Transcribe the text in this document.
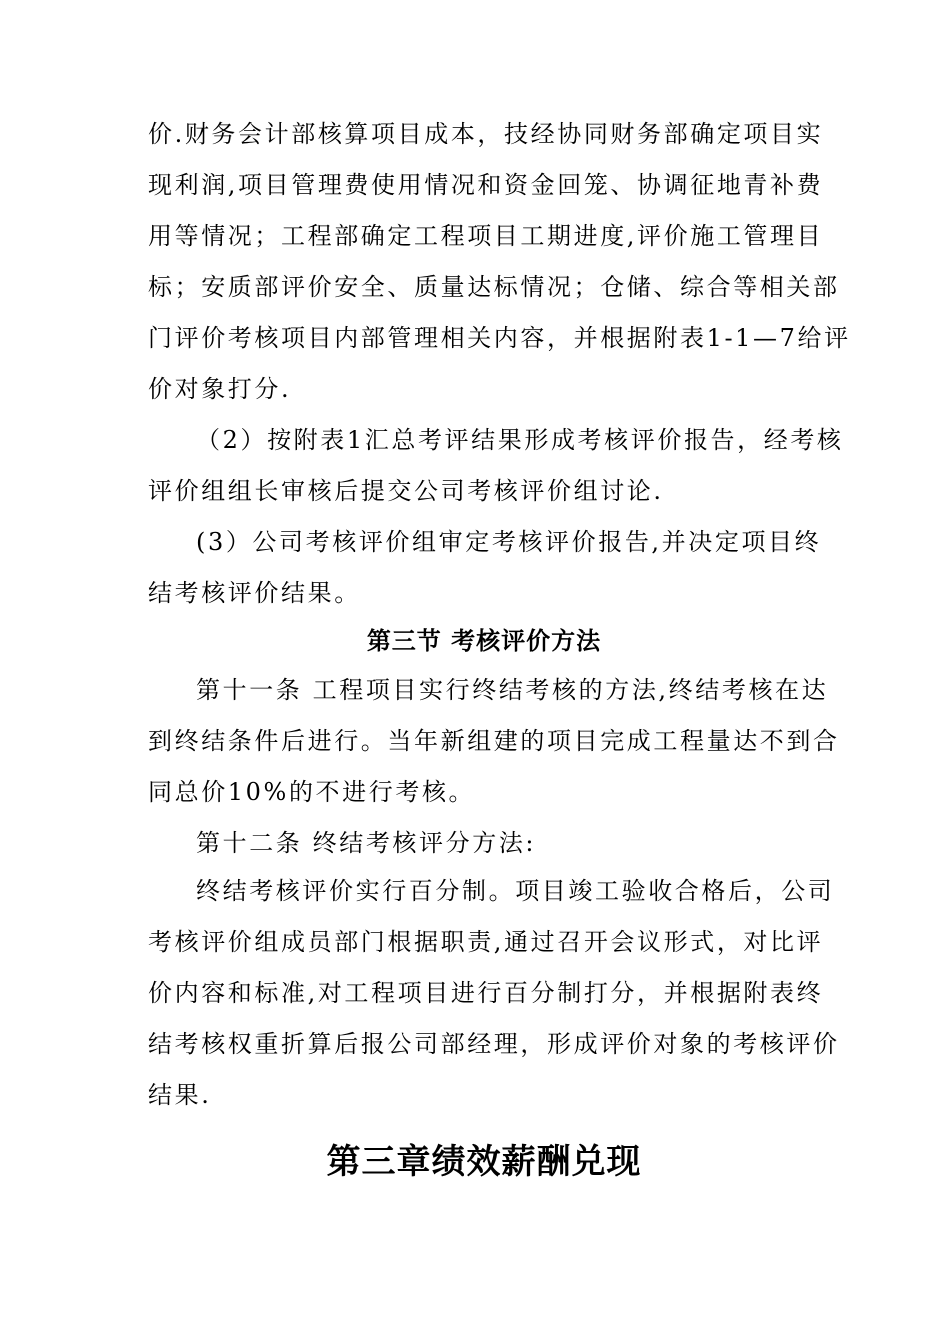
价.财务会计部核算项目成本，技经协同财务部确定项目实
现利润,项目管理费使用情况和资金回笼、协调征地青补费
用等情况；工程部确定工程项目工期进度,评价施工管理目
标；安质部评价安全、质量达标情况；仓储、综合等相关部
门评价考核项目内部管理相关内容，并根据附表1-1—7给评
价对象打分.
（2）按附表1汇总考评结果形成考核评价报告，经考核
评价组组长审核后提交公司考核评价组讨论.
(3）公司考核评价组审定考核评价报告,并决定项目终
结考核评价结果。
第三节 考核评价方法
第十一条 工程项目实行终结考核的方法,终结考核在达
到终结条件后进行。当年新组建的项目完成工程量达不到合
同总价10%的不进行考核。
第十二条 终结考核评分方法:
终结考核评价实行百分制。项目竣工验收合格后，公司
考核评价组成员部门根据职责,通过召开会议形式，对比评
价内容和标准,对工程项目进行百分制打分，并根据附表终
结考核权重折算后报公司部经理，形成评价对象的考核评价
结果.
第三章绩效薪酬兑现
